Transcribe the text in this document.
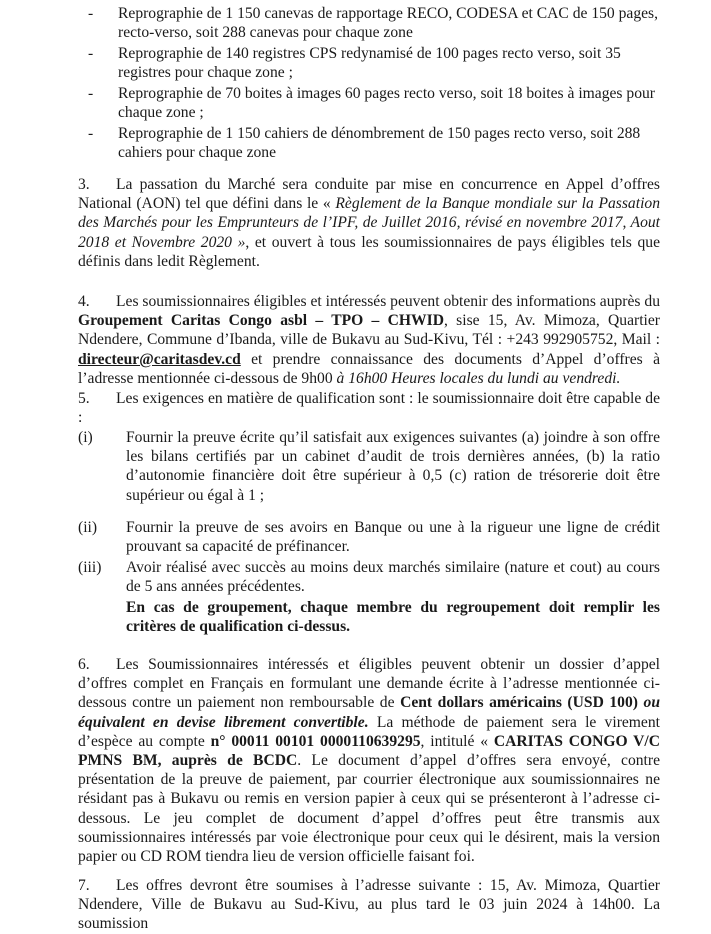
- Reprographie de 1 150 canevas de rapportage RECO, CODESA et CAC de 150 pages, recto-verso, soit 288 canevas pour chaque zone
- Reprographie de 140 registres CPS redynamisé de 100 pages recto verso, soit 35 registres pour chaque zone ;
- Reprographie de 70 boites à images 60 pages recto verso, soit 18 boites à images pour chaque zone ;
- Reprographie de 1 150 cahiers de dénombrement de 150 pages recto verso, soit 288 cahiers pour chaque zone

3. La passation du Marché sera conduite par mise en concurrence en Appel d’offres National (AON) tel que défini dans le « Règlement de la Banque mondiale sur la Passation des Marchés pour les Emprunteurs de l’IPF, de Juillet 2016, révisé en novembre 2017, Aout 2018 et Novembre 2020 », et ouvert à tous les soumissionnaires de pays éligibles tels que définis dans ledit Règlement.

4. Les soumissionnaires éligibles et intéressés peuvent obtenir des informations auprès du Groupement Caritas Congo asbl – TPO – CHWID, sise 15, Av. Mimoza, Quartier Ndendere, Commune d’Ibanda, ville de Bukavu au Sud-Kivu, Tél : +243 992905752, Mail : directeur@caritasdev.cd et prendre connaissance des documents d’Appel d’offres à l’adresse mentionnée ci-dessous de 9h00 à 16h00 Heures locales du lundi au vendredi.

5. Les exigences en matière de qualification sont : le soumissionnaire doit être capable de :

(i) Fournir la preuve écrite qu’il satisfait aux exigences suivantes (a) joindre à son offre les bilans certifiés par un cabinet d’audit de trois dernières années, (b) la ratio d’autonomie financière doit être supérieur à 0,5 (c) ration de trésorerie doit être supérieur ou égal à 1 ;
(ii) Fournir la preuve de ses avoirs en Banque ou une à la rigueur une ligne de crédit prouvant sa capacité de préfinancer.
(iii) Avoir réalisé avec succès au moins deux marchés similaire (nature et cout) au cours de 5 ans années précédentes.
En cas de groupement, chaque membre du regroupement doit remplir les critères de qualification ci-dessus.

6. Les Soumissionnaires intéressés et éligibles peuvent obtenir un dossier d’appel d’offres complet en Français en formulant une demande écrite à l’adresse mentionnée ci-dessous contre un paiement non remboursable de Cent dollars américains (USD 100) ou équivalent en devise librement convertible. La méthode de paiement sera le virement d’espèce au compte n° 00011 00101 0000110639295, intitulé « CARITAS CONGO V/C PMNS BM, auprès de BCDC. Le document d’appel d’offres sera envoyé, contre présentation de la preuve de paiement, par courrier électronique aux soumissionnaires ne résidant pas à Bukavu ou remis en version papier à ceux qui se présenteront à l’adresse ci-dessous. Le jeu complet de document d’appel d’offres peut être transmis aux soumissionnaires intéressés par voie électronique pour ceux qui le désirent, mais la version papier ou CD ROM tiendra lieu de version officielle faisant foi.

7. Les offres devront être soumises à l’adresse suivante : 15, Av. Mimoza, Quartier Ndendere, Ville de Bukavu au Sud-Kivu, au plus tard le 03 juin 2024 à 14h00. La soumission
